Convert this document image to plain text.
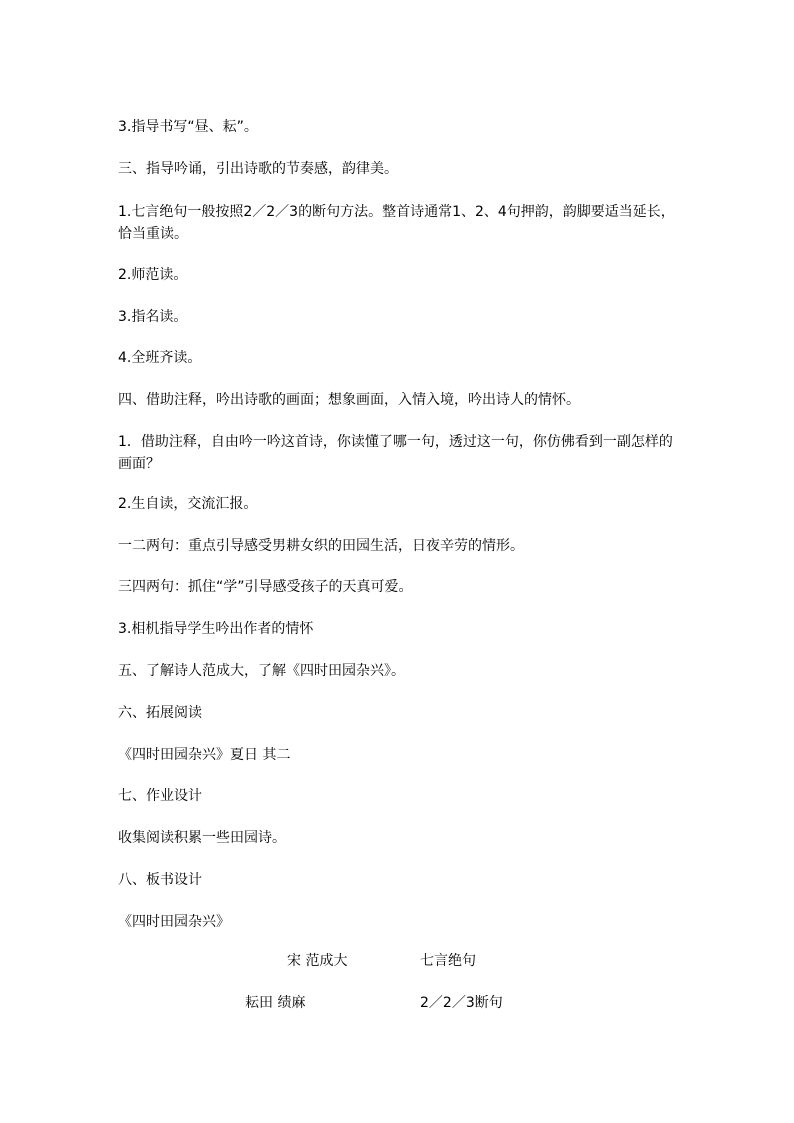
3.指导书写“昼、耘”。

三、指导吟诵，引出诗歌的节奏感，韵律美。

1.七言绝句一般按照2／2／3的断句方法。整首诗通常1、2、4句押韵，韵脚要适当延长，恰当重读。

2.师范读。

3.指名读。

4.全班齐读。

四、借助注释，吟出诗歌的画面；想象画面，入情入境，吟出诗人的情怀。

1．借助注释，自由吟一吟这首诗，你读懂了哪一句，透过这一句，你仿佛看到一副怎样的画面？

2.生自读，交流汇报。

一二两句：重点引导感受男耕女织的田园生活，日夜辛劳的情形。

三四两句：抓住“学”引导感受孩子的天真可爱。

3.相机指导学生吟出作者的情怀

五、了解诗人范成大，了解《四时田园杂兴》。

六、拓展阅读

《四时田园杂兴》夏日 其二

七、作业设计

收集阅读积累一些田园诗。

八、板书设计

《四时田园杂兴》

宋 范成大	七言绝句
耘田 绩麻	2／2／3断句
